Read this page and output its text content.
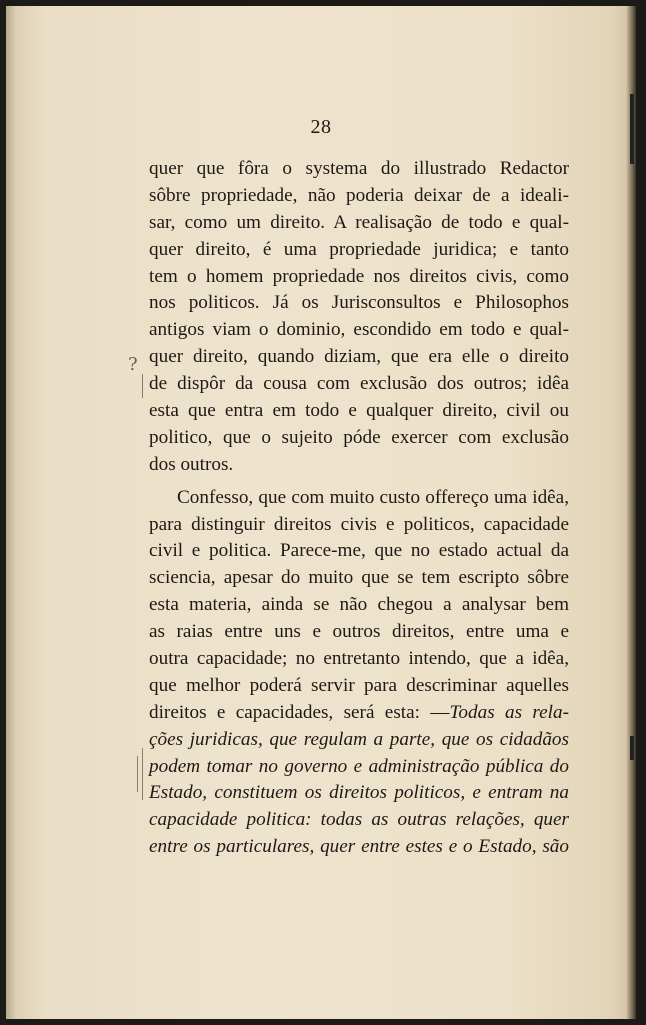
28
?
quer que fôra o systema do illustrado Redactor
sôbre propriedade, não poderia deixar de a ideali-
sar, como um direito. A realisação de todo e qual-
quer direito, é uma propriedade juridica; e tanto
tem o homem propriedade nos direitos civis, como
nos politicos. Já os Jurisconsultos e Philosophos
antigos viam o dominio, escondido em todo e qual-
quer direito, quando diziam, que era elle o direito
de dispôr da cousa com exclusão dos outros; idêa
esta que entra em todo e qualquer direito, civil ou
politico, que o sujeito póde exercer com exclusão
dos outros.
Confesso, que com muito custo offereço uma idêa,
para distinguir direitos civis e politicos, capacidade
civil e politica. Parece-me, que no estado actual da
sciencia, apesar do muito que se tem escripto sôbre
esta materia, ainda se não chegou a analysar bem
as raias entre uns e outros direitos, entre uma e
outra capacidade; no entretanto intendo, que a idêa,
que melhor poderá servir para descriminar aquelles
direitos e capacidades, será esta: —Todas as rela-
ções juridicas, que regulam a parte, que os cidadãos
podem tomar no governo e administração pública do
Estado, constituem os direitos politicos, e entram na
capacidade politica: todas as outras relações, quer
entre os particulares, quer entre estes e o Estado, são
